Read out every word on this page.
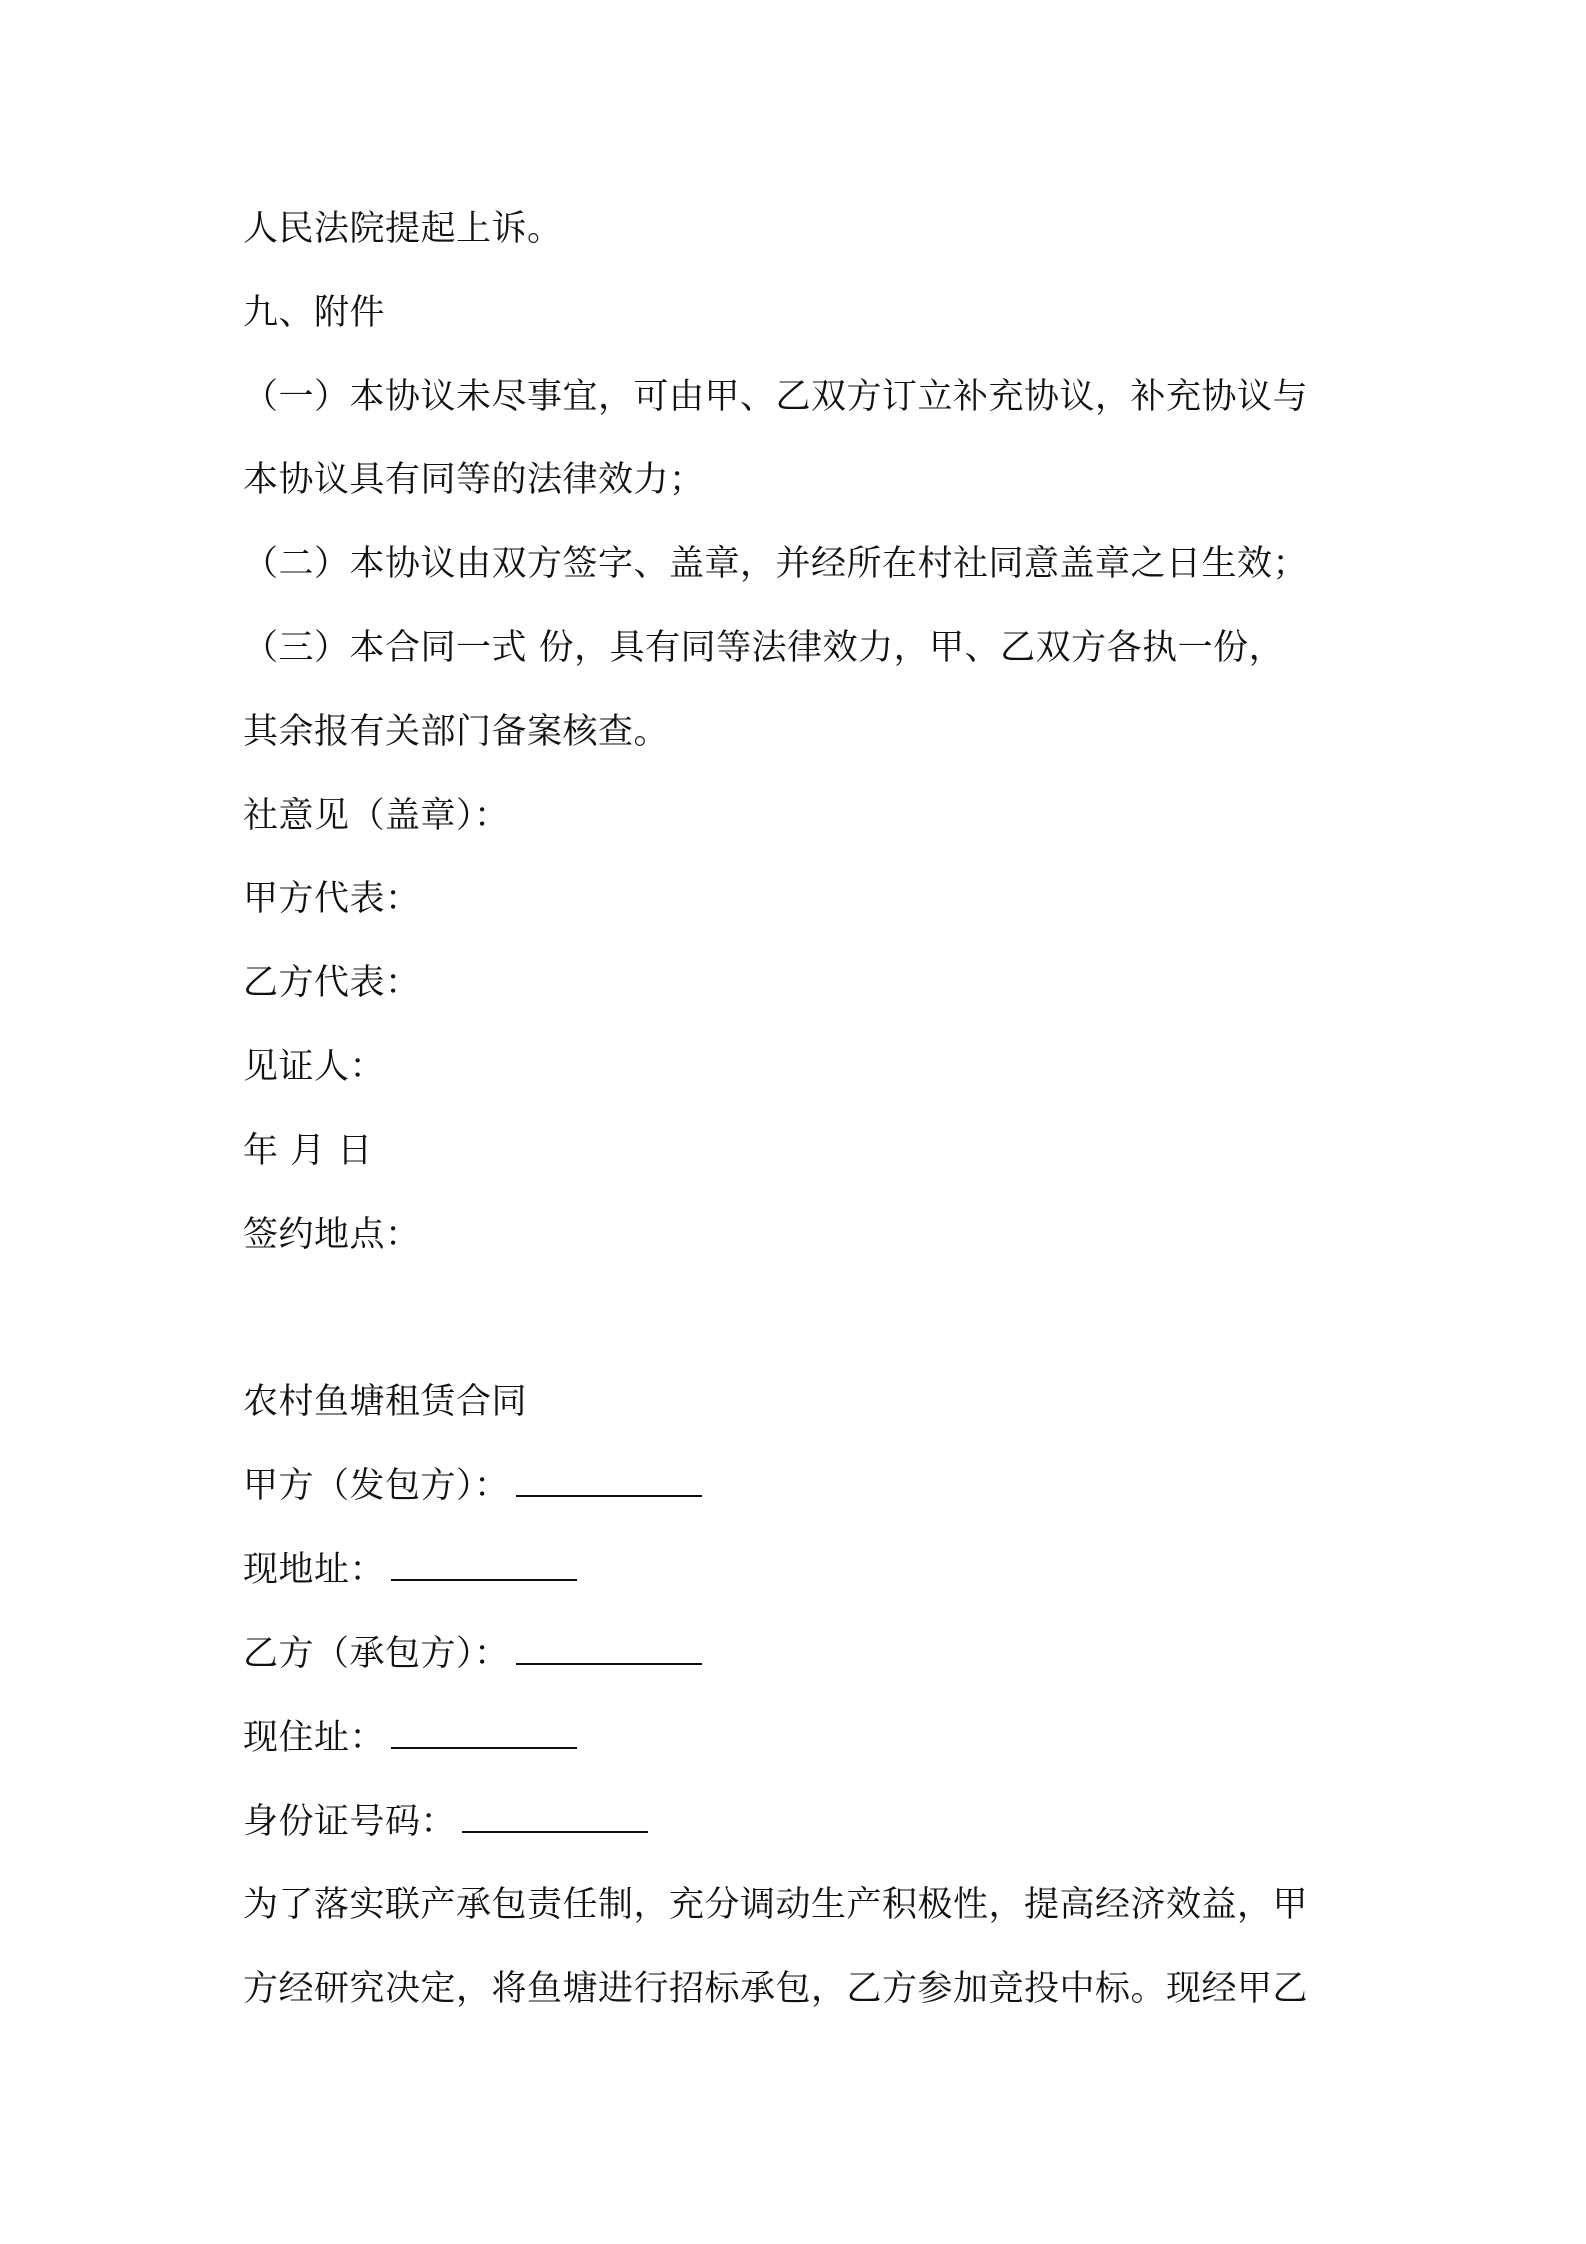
人民法院提起上诉。
九、附件
（一）本协议未尽事宜，可由甲、乙双方订立补充协议，补充协议与
本协议具有同等的法律效力；
（二）本协议由双方签字、盖章，并经所在村社同意盖章之日生效；
（三）本合同一式 份，具有同等法律效力，甲、乙双方各执一份，
其余报有关部门备案核查。
社意见（盖章）：
甲方代表：
乙方代表：
见证人：
年 月 日
签约地点：
农村鱼塘租赁合同
甲方（发包方）：
现地址：
乙方（承包方）：
现住址：
身份证号码：
为了落实联产承包责任制，充分调动生产积极性，提高经济效益，甲
方经研究决定，将鱼塘进行招标承包，乙方参加竞投中标。现经甲乙
